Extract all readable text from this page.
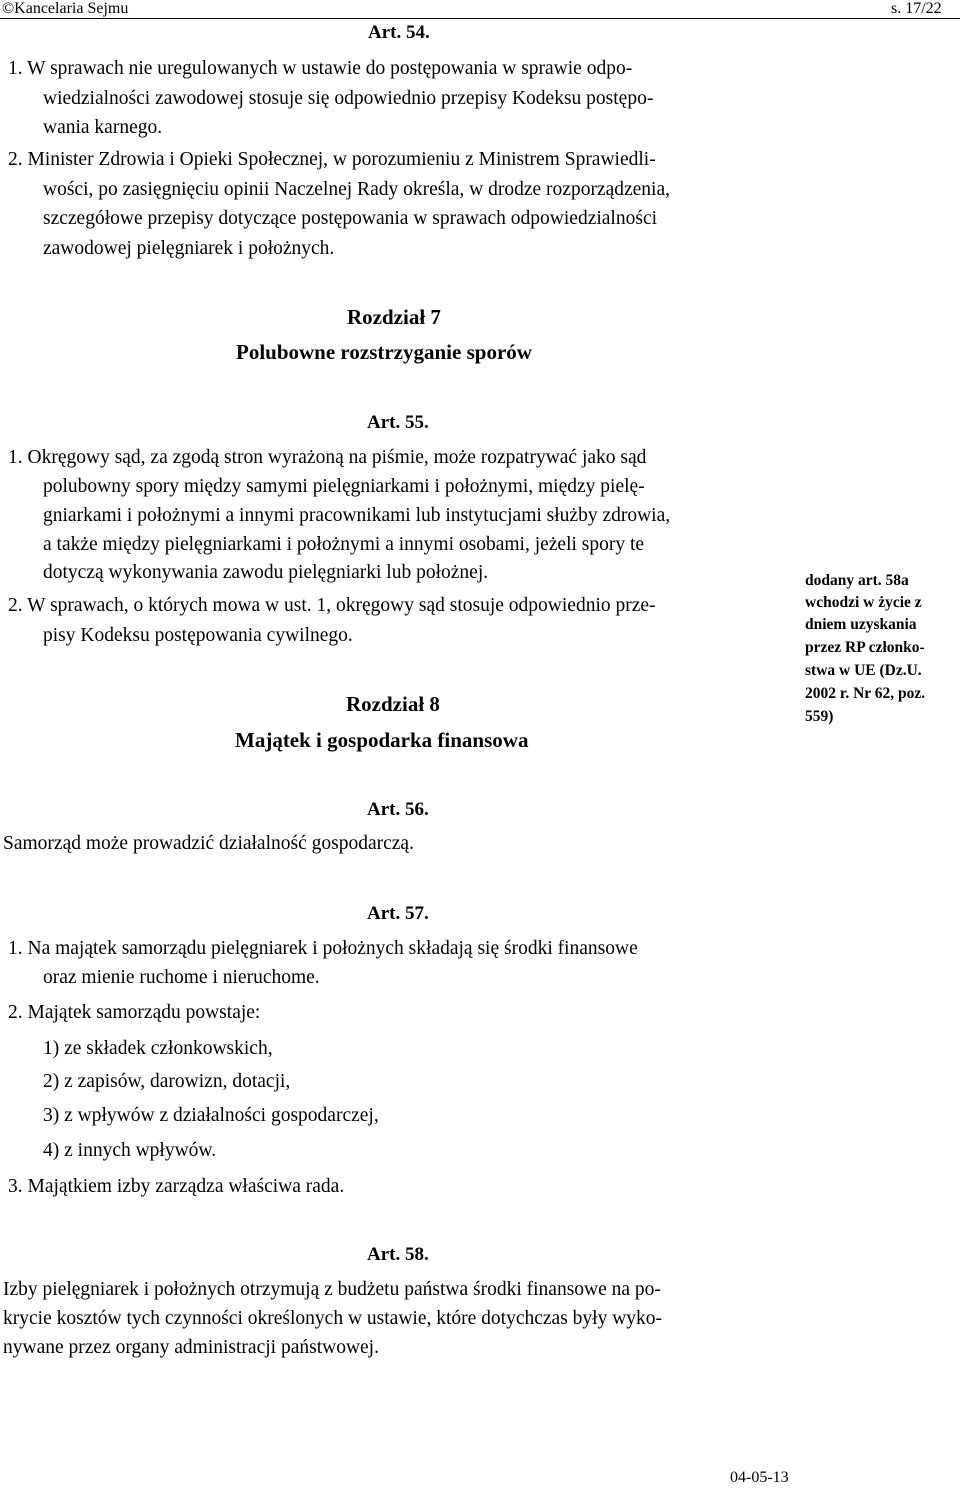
©Kancelaria Sejmu	s. 17/22
Art. 54.
1. W sprawach nie uregulowanych w ustawie do postępowania w sprawie odpo-
wiedzialności zawodowej stosuje się odpowiednio przepisy Kodeksu postępo-
wania karnego.
2. Minister Zdrowia i Opieki Społecznej, w porozumieniu z Ministrem Sprawiedli-
wości, po zasięgnięciu opinii Naczelnej Rady określa, w drodze rozporządzenia,
szczegółowe przepisy dotyczące postępowania w sprawach odpowiedzialności
zawodowej pielęgniarek i położnych.
Rozdział 7
Polubowne rozstrzyganie sporów
Art. 55.
1. Okręgowy sąd, za zgodą stron wyrażoną na piśmie, może rozpatrywać jako sąd
polubowny spory między samymi pielęgniarkami i położnymi, między pielę-
gniarkami i położnymi a innymi pracownikami lub instytucjami służby zdrowia,
a także między pielęgniarkami i położnymi a innymi osobami, jeżeli spory te
dotyczą wykonywania zawodu pielęgniarki lub położnej.
2. W sprawach, o których mowa w ust. 1, okręgowy sąd stosuje odpowiednio prze-
pisy Kodeksu postępowania cywilnego.
dodany art. 58a
wchodzi w życie z
dniem uzyskania
przez RP członko-
stwa w UE (Dz.U.
2002 r. Nr 62, poz.
559)
Rozdział 8
Majątek i gospodarka finansowa
Art. 56.
Samorząd może prowadzić działalność gospodarczą.
Art. 57.
1. Na majątek samorządu pielęgniarek i położnych składają się środki finansowe
oraz mienie ruchome i nieruchome.
2. Majątek samorządu powstaje:
1) ze składek członkowskich,
2) z zapisów, darowizn, dotacji,
3) z wpływów z działalności gospodarczej,
4) z innych wpływów.
3. Majątkiem izby zarządza właściwa rada.
Art. 58.
Izby pielęgniarek i położnych otrzymują z budżetu państwa środki finansowe na po-
krycie kosztów tych czynności określonych w ustawie, które dotychczas były wyko-
nywane przez organy administracji państwowej.
04-05-13
